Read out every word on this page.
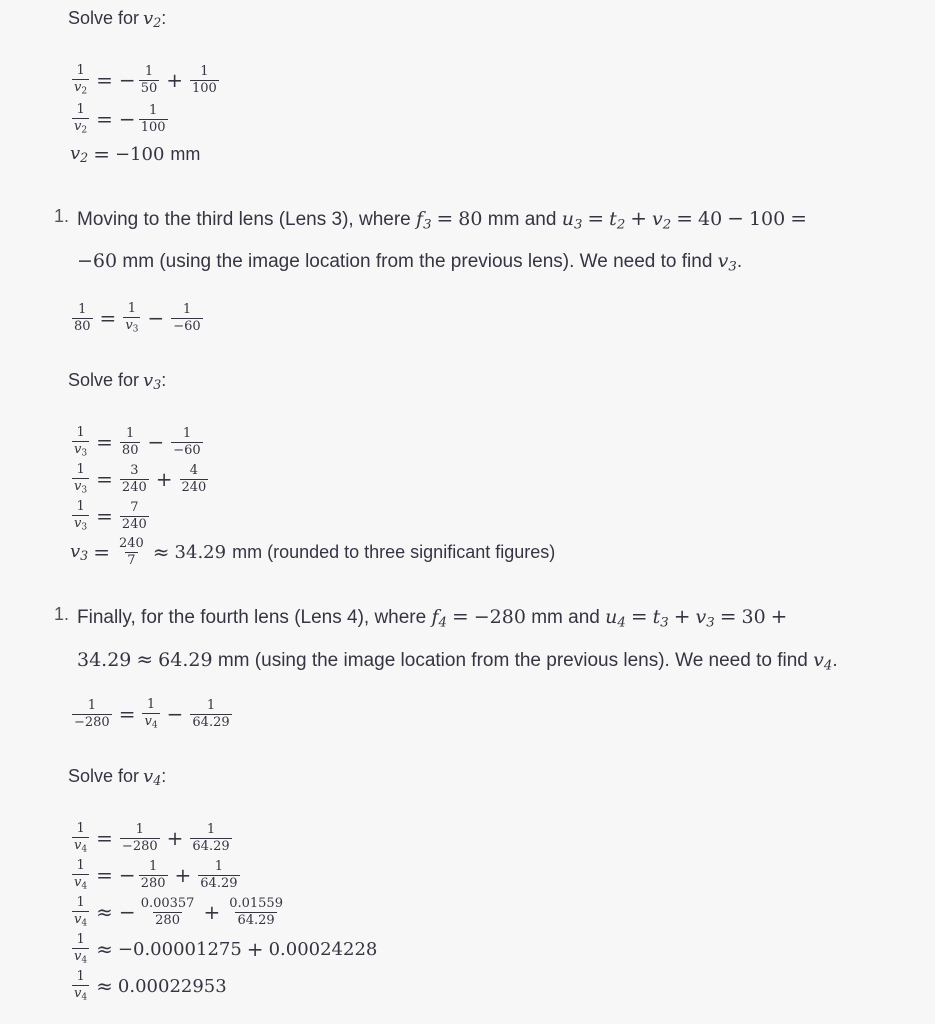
Solve for $v_2$ :
$\frac{1}{v_2}$ = − $\frac{1}{50} + \frac{1}{100}$
$\frac{1}{v_2}$ = − $\frac{1}{100}$
$v_2 = -100$ mm
1. Moving to the third lens (Lens 3), where $f_3 = 80$ mm and $u_3 = t_2 + v_2 = 40 - 100$ =
−60 mm (using the image location from the previous lens). We need to find $v_3$.
$\frac{1}{80} = \frac{1}{v_3} - \frac{1}{-60}$
Solve for $v_3$ :
$\frac{1}{v_3} = \frac{1}{80} - \frac{1}{-60}$
$\frac{1}{v_3} = \frac{3}{240} + \frac{4}{240}$
$\frac{1}{v_3} = \frac{7}{240}$
$v_3 = \frac{240}{7} \approx 34.29$ mm (rounded to three significant figures)
1. Finally, for the fourth lens (Lens 4), where $f_4 = -280$ mm and $u_4 = t_3 + v_3 = 30$ +
34.29 ≈ 64.29 mm (using the image location from the previous lens). We need to find $v_4$.
$\frac{1}{-280} = \frac{1}{v_4} - \frac{1}{64.29}$
Solve for $v_4$ :
$\frac{1}{v_4} = \frac{1}{-280} + \frac{1}{64.29}$
$\frac{1}{v_4}$ = − $\frac{1}{280} + \frac{1}{64.29}$
$\frac{1}{v_4}$ ≈ − $\frac{0.00357}{280} + \frac{0.01559}{64.29}$
$\frac{1}{v_4} \approx -0.00001275 + 0.00024228$
$\frac{1}{v_4} \approx 0.00022953$
